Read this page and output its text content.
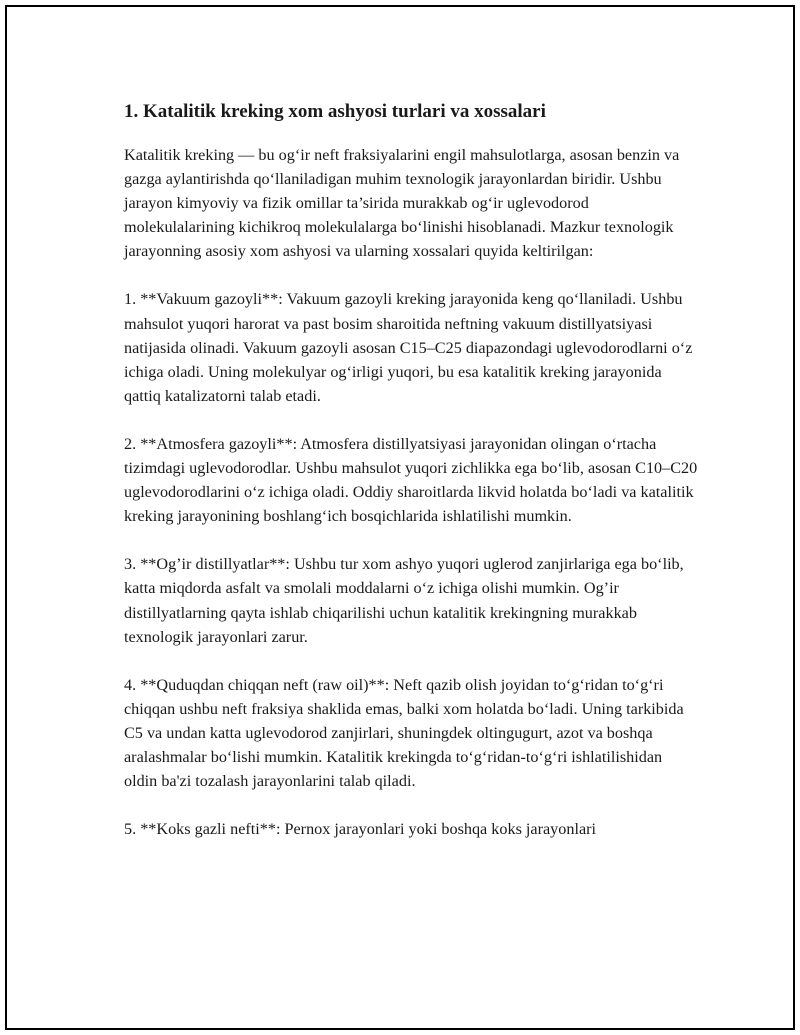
1. Katalitik kreking xom ashyosi turlari va xossalari

Katalitik kreking — bu og‘ir neft fraksiyalarini engil mahsulotlarga, asosan benzin va gazga aylantirishda qo‘llaniladigan muhim texnologik jarayonlardan biridir. Ushbu jarayon kimyoviy va fizik omillar ta’sirida murakkab og‘ir uglevodorod molekulalarining kichikroq molekulalarga bo‘linishi hisoblanadi. Mazkur texnologik jarayonning asosiy xom ashyosi va ularning xossalari quyida keltirilgan:

1. **Vakuum gazoyli**: Vakuum gazoyli kreking jarayonida keng qo‘llaniladi. Ushbu mahsulot yuqori harorat va past bosim sharoitida neftning vakuum distillyatsiyasi natijasida olinadi. Vakuum gazoyli asosan C15–C25 diapazondagi uglevodorodlarni o‘z ichiga oladi. Uning molekulyar og‘irligi yuqori, bu esa katalitik kreking jarayonida qattiq katalizatorni talab etadi.

2. **Atmosfera gazoyli**: Atmosfera distillyatsiyasi jarayonidan olingan o‘rtacha tizimdagi uglevodorodlar. Ushbu mahsulot yuqori zichlikka ega bo‘lib, asosan C10–C20 uglevodorodlarini o‘z ichiga oladi. Oddiy sharoitlarda likvid holatda bo‘ladi va katalitik kreking jarayonining boshlang‘ich bosqichlarida ishlatilishi mumkin.

3. **Og’ir distillyatlar**: Ushbu tur xom ashyo yuqori uglerod zanjirlariga ega bo‘lib, katta miqdorda asfalt va smolali moddalarni o‘z ichiga olishi mumkin. Og’ir distillyatlarning qayta ishlab chiqarilishi uchun katalitik krekingning murakkab texnologik jarayonlari zarur.

4. **Quduqdan chiqqan neft (raw oil)**: Neft qazib olish joyidan to‘g‘ridan to‘g‘ri chiqqan ushbu neft fraksiya shaklida emas, balki xom holatda bo‘ladi. Uning tarkibida C5 va undan katta uglevodorod zanjirlari, shuningdek oltingugurt, azot va boshqa aralashmalar bo‘lishi mumkin. Katalitik krekingda to‘g‘ridan-to‘g‘ri ishlatilishidan oldin ba'zi tozalash jarayonlarini talab qiladi.

5. **Koks gazli nefti**: Pernox jarayonlari yoki boshqa koks jarayonlari
